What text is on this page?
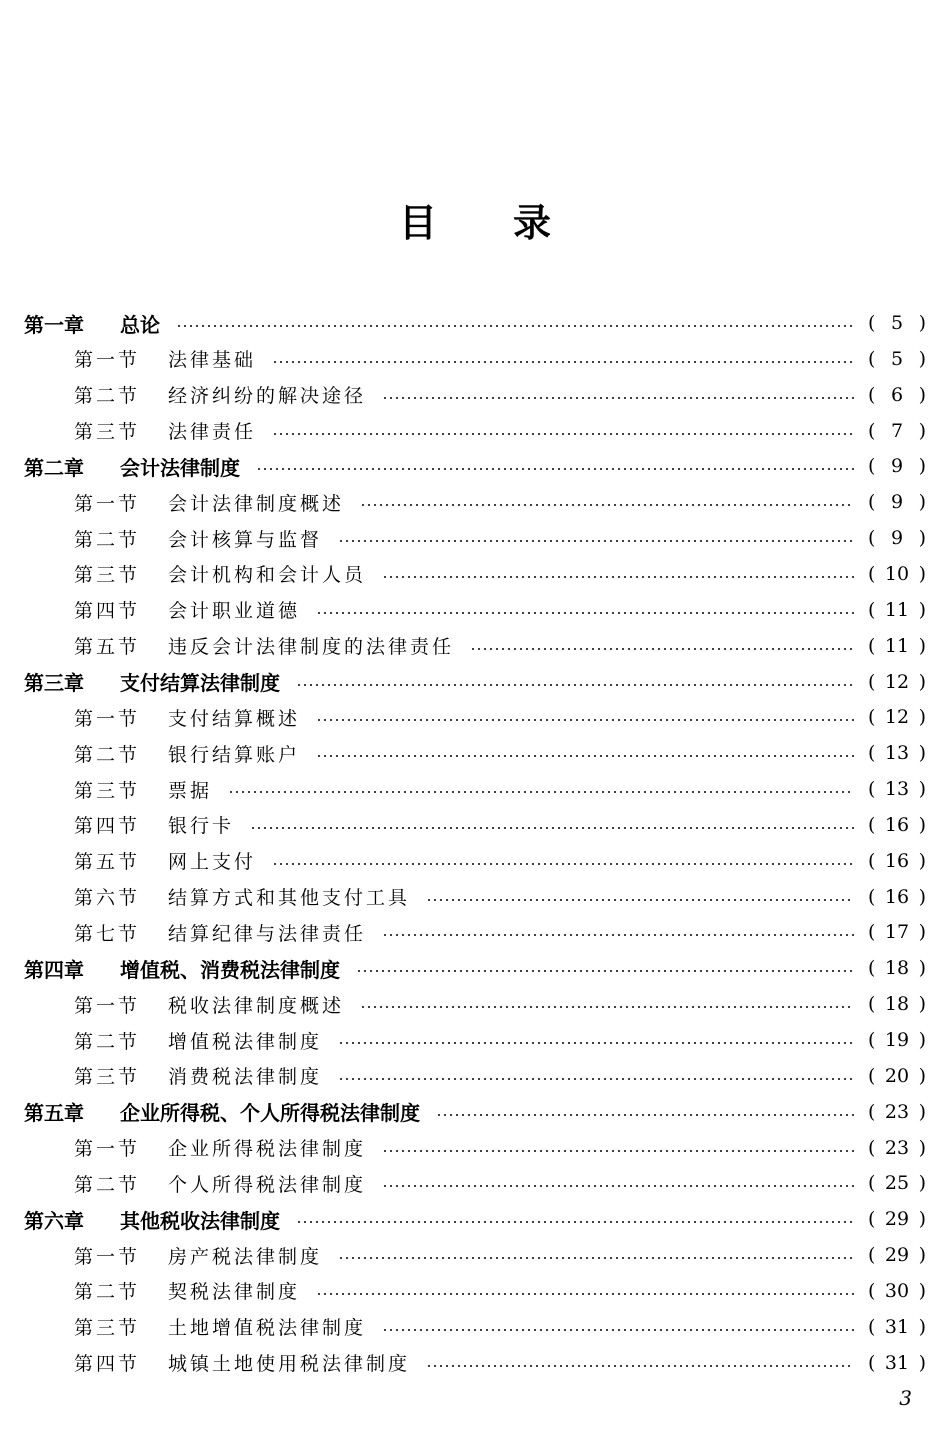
目 录
第一章 总论	( 5 )
第一节 法律基础	( 5 )
第二节 经济纠纷的解决途径	( 6 )
第三节 法律责任	( 7 )
第二章 会计法律制度	( 9 )
第一节 会计法律制度概述	( 9 )
第二节 会计核算与监督	( 9 )
第三节 会计机构和会计人员	( 10 )
第四节 会计职业道德	( 11 )
第五节 违反会计法律制度的法律责任	( 11 )
第三章 支付结算法律制度	( 12 )
第一节 支付结算概述	( 12 )
第二节 银行结算账户	( 13 )
第三节 票据	( 13 )
第四节 银行卡	( 16 )
第五节 网上支付	( 16 )
第六节 结算方式和其他支付工具	( 16 )
第七节 结算纪律与法律责任	( 17 )
第四章 增值税、消费税法律制度	( 18 )
第一节 税收法律制度概述	( 18 )
第二节 增值税法律制度	( 19 )
第三节 消费税法律制度	( 20 )
第五章 企业所得税、个人所得税法律制度	( 23 )
第一节 企业所得税法律制度	( 23 )
第二节 个人所得税法律制度	( 25 )
第六章 其他税收法律制度	( 29 )
第一节 房产税法律制度	( 29 )
第二节 契税法律制度	( 30 )
第三节 土地增值税法律制度	( 31 )
第四节 城镇土地使用税法律制度	( 31 )
3
